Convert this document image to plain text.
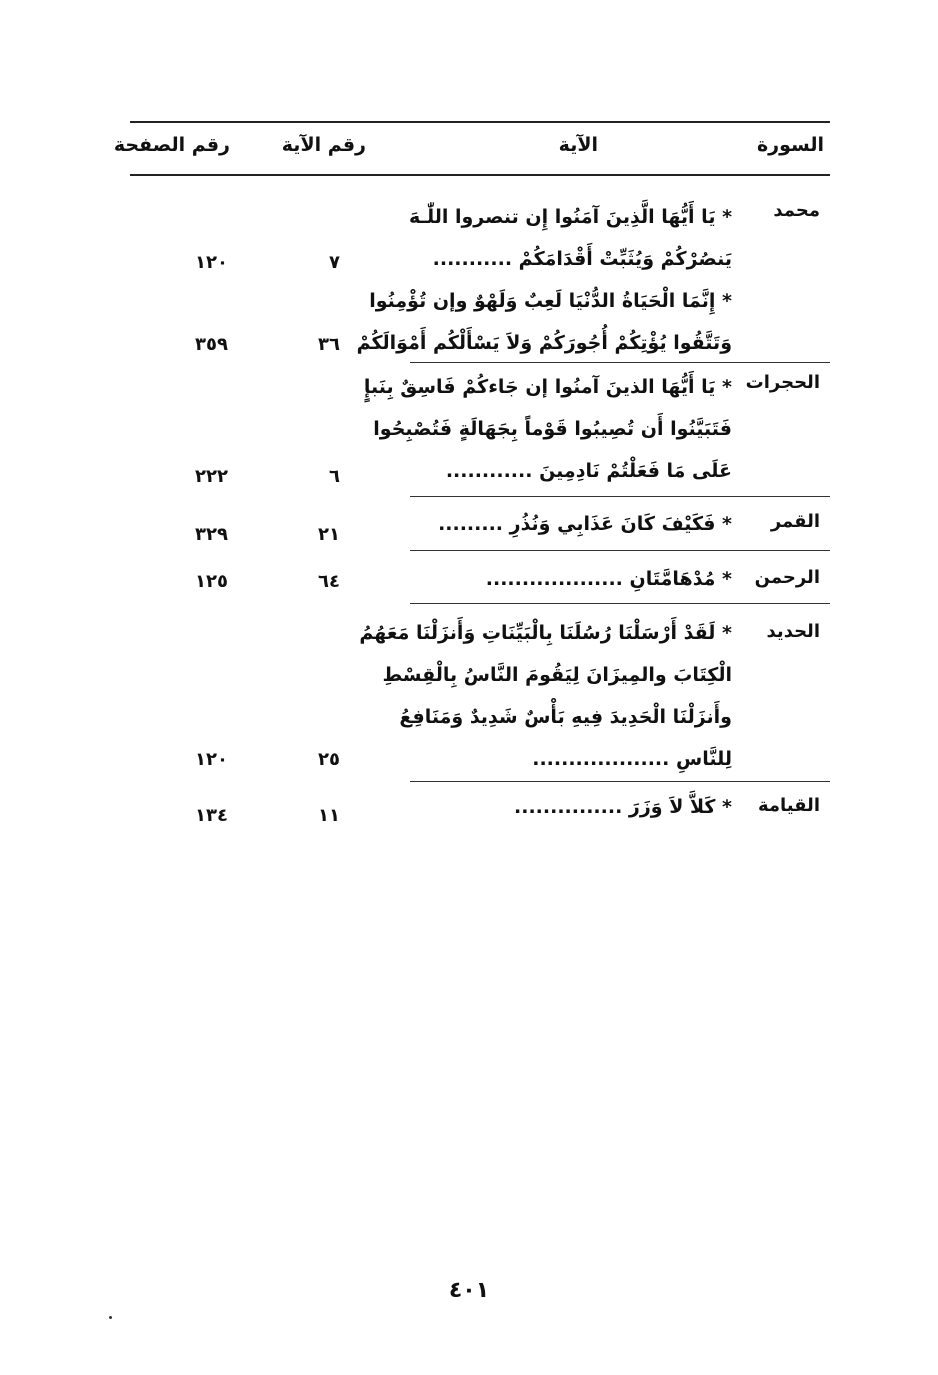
السورة
الآية
رقم الآية
رقم الصفحة
محمد
* يَا أَيُّهَا الَّذِينَ آمَنُوا إِن تنصروا اللّٰـهَ
يَنصُرْكُمْ وَيُثَبِّتْ أَقْدَامَكُمْ ...........
٧
١٢٠
* إِنَّمَا الْحَيَاةُ الدُّنْيَا لَعِبٌ وَلَهْوٌ وإن تُؤْمِنُوا
وَتَتَّقُوا يُؤْتِكُمْ أُجُورَكُمْ وَلاَ يَسْأَلْكُم أَمْوَالَكُمْ
٣٦
٣٥٩
الحجرات
* يَا أَيُّهَا الذينَ آمنُوا إن جَاءكُمْ فَاسِقٌ بِنَبإٍ
فَتَبَيَّنُوا أَن تُصِيبُوا قَوْماً بِجَهَالَةٍ فَتُصْبِحُوا
عَلَى مَا فَعَلْتُمْ نَادِمِينَ ............
٦
٢٢٢
القمر
* فَكَيْفَ كَانَ عَذَابِي وَنُذُرِ .........
٢١
٣٢٩
الرحمن
* مُدْهَامَّتَانِ ...................
٦٤
١٢٥
الحديد
* لَقَدْ أَرْسَلْنَا رُسُلَنَا بِالْبَيِّنَاتِ وَأَنزَلْنَا مَعَهُمُ
الْكِتَابَ والمِيزَانَ لِيَقُومَ النَّاسُ بِالْقِسْطِ
وأَنزَلْنَا الْحَدِيدَ فِيهِ بَأْسٌ شَدِيدٌ وَمَنَافِعُ
لِلنَّاسِ ...................
٢٥
١٢٠
القيامة
* كَلاَّ لاَ وَزَرَ ...............
١١
١٣٤
٤٠١
